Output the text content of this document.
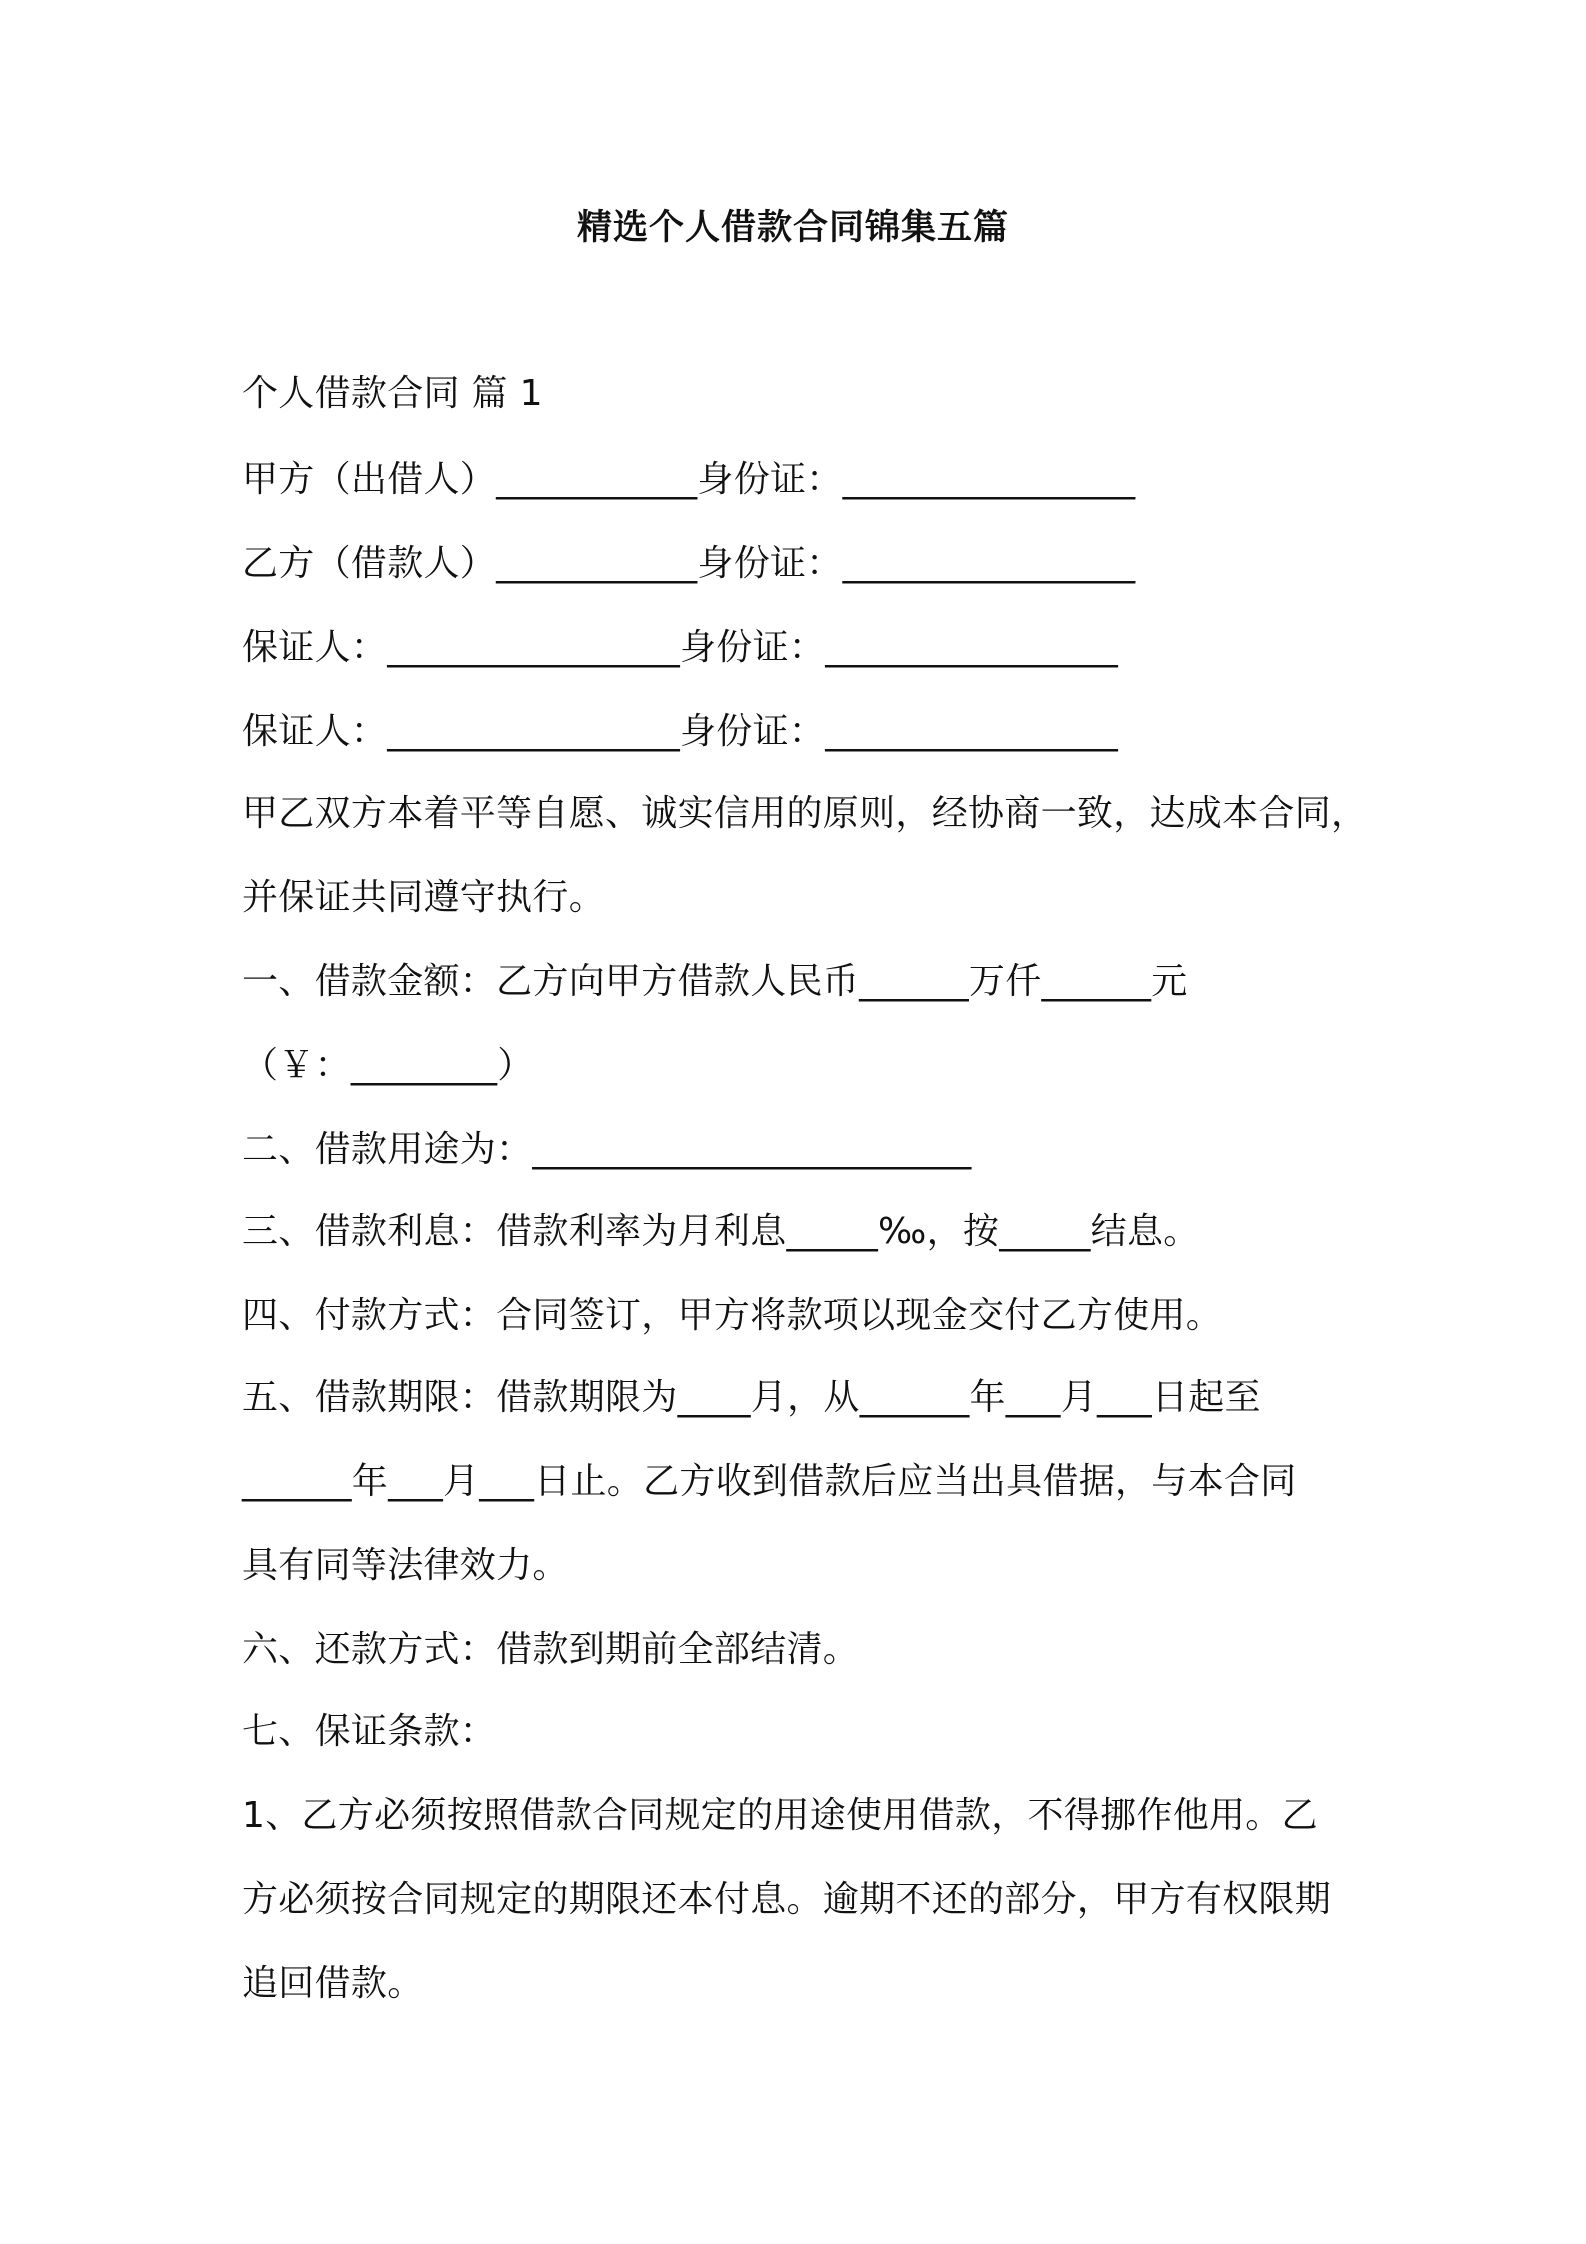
精选个人借款合同锦集五篇
个人借款合同 篇 1
甲方（出借人）___________身份证：________________
乙方（借款人）___________身份证：________________
保证人：________________身份证：________________
保证人：________________身份证：________________
甲乙双方本着平等自愿、诚实信用的原则，经协商一致，达成本合同，
并保证共同遵守执行。
一、借款金额：乙方向甲方借款人民币______万仟______元
（￥：________）
二、借款用途为：________________________
三、借款利息：借款利率为月利息_____‰，按_____结息。
四、付款方式：合同签订，甲方将款项以现金交付乙方使用。
五、借款期限：借款期限为____月，从______年___月___日起至
______年___月___日止。乙方收到借款后应当出具借据，与本合同
具有同等法律效力。
六、还款方式：借款到期前全部结清。
七、保证条款：
1、乙方必须按照借款合同规定的用途使用借款，不得挪作他用。乙
方必须按合同规定的期限还本付息。逾期不还的部分，甲方有权限期
追回借款。
